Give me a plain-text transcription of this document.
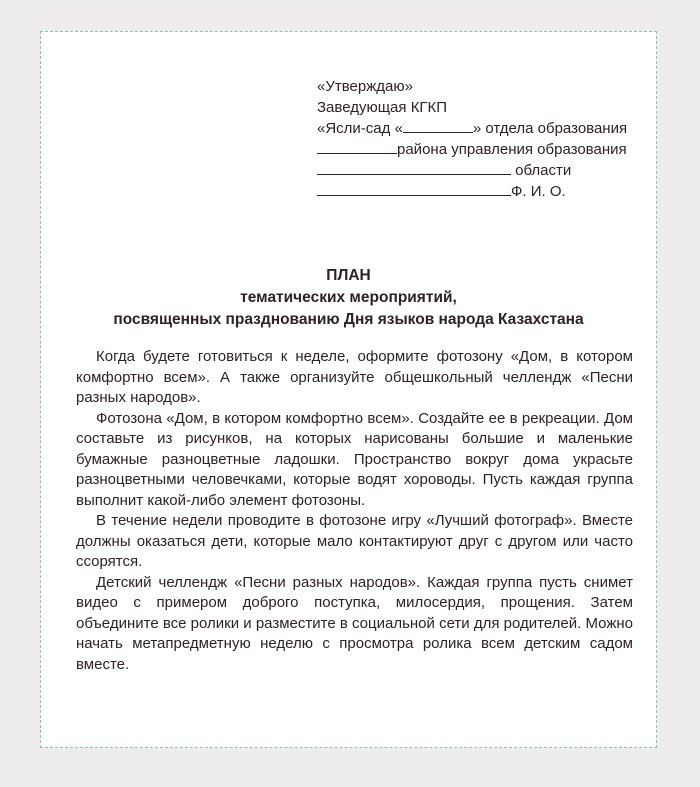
«Утверждаю»
Заведующая КГКП
«Ясли-сад «	» отдела образования
района управления образования
области
Ф. И. О.
ПЛАН
тематических мероприятий,
посвященных празднованию Дня языков народа Казахстана

Когда будете готовиться к неделе, оформите фотозону «Дом, в котором комфортно всем». А также организуйте общешкольный челлендж «Песни разных народов».

Фотозона «Дом, в котором комфортно всем». Создайте ее в рекреации. Дом составьте из рисунков, на которых нарисованы большие и маленькие бумажные разноцветные ладошки. Пространство вокруг дома украсьте разноцветными человечками, которые водят хороводы. Пусть каждая группа выполнит какой-либо элемент фотозоны.

В течение недели проводите в фотозоне игру «Лучший фотограф». Вместе должны оказаться дети, которые мало контактируют друг с другом или часто ссорятся.

Детский челлендж «Песни разных народов». Каждая группа пусть снимет видео с примером доброго поступка, милосердия, прощения. Затем объедините все ролики и разместите в социальной сети для родителей. Можно начать метапредметную неделю с просмотра ролика всем детским садом вместе.
